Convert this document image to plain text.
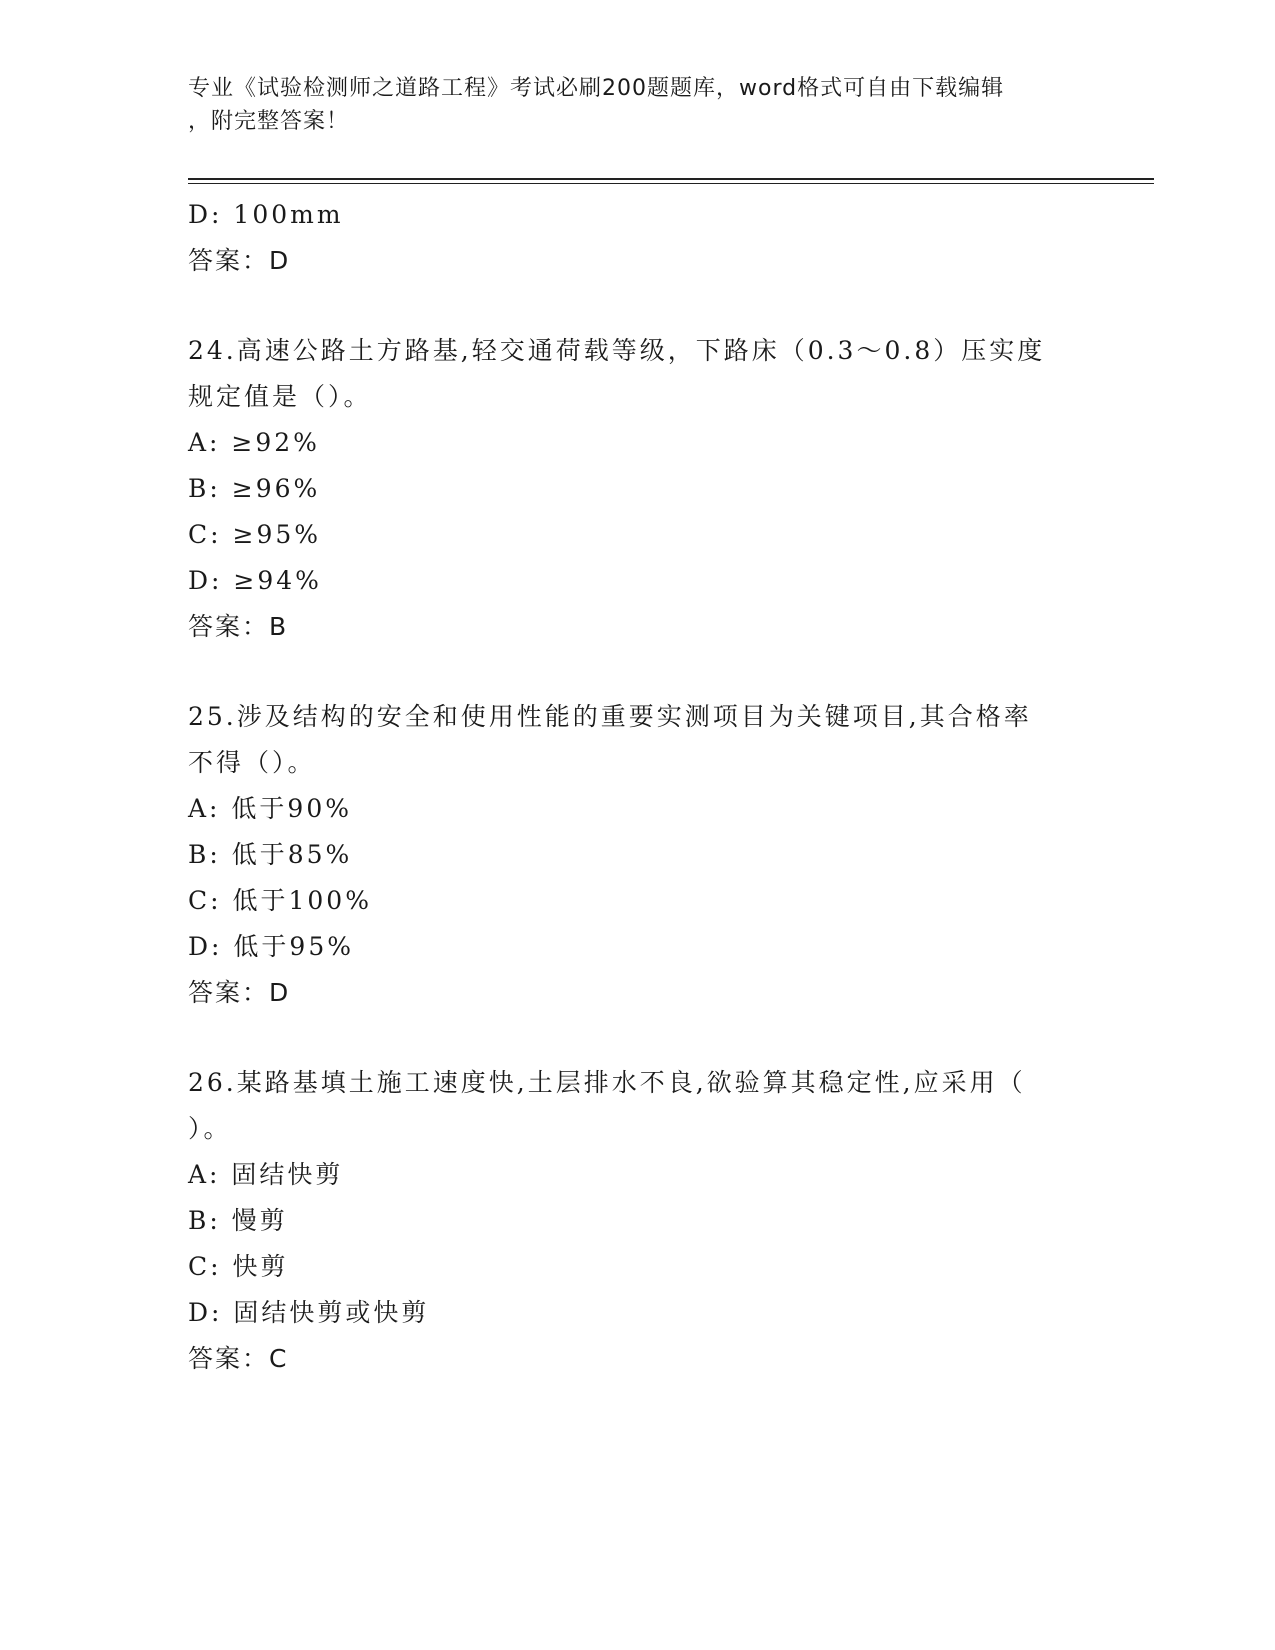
专业《试验检测师之道路工程》考试必刷200题题库，word格式可自由下载编辑
，附完整答案！
D: 100mm
答案：D
24.高速公路土方路基,轻交通荷载等级，下路床（0.3～0.8）压实度
规定值是（）。
A: ≥92%
B: ≥96%
C: ≥95%
D: ≥94%
答案：B
25.涉及结构的安全和使用性能的重要实测项目为关键项目,其合格率
不得（）。
A: 低于90%
B: 低于85%
C: 低于100%
D: 低于95%
答案：D
26.某路基填土施工速度快,土层排水不良,欲验算其稳定性,应采用（
）。
A: 固结快剪
B: 慢剪
C: 快剪
D: 固结快剪或快剪
答案：C
